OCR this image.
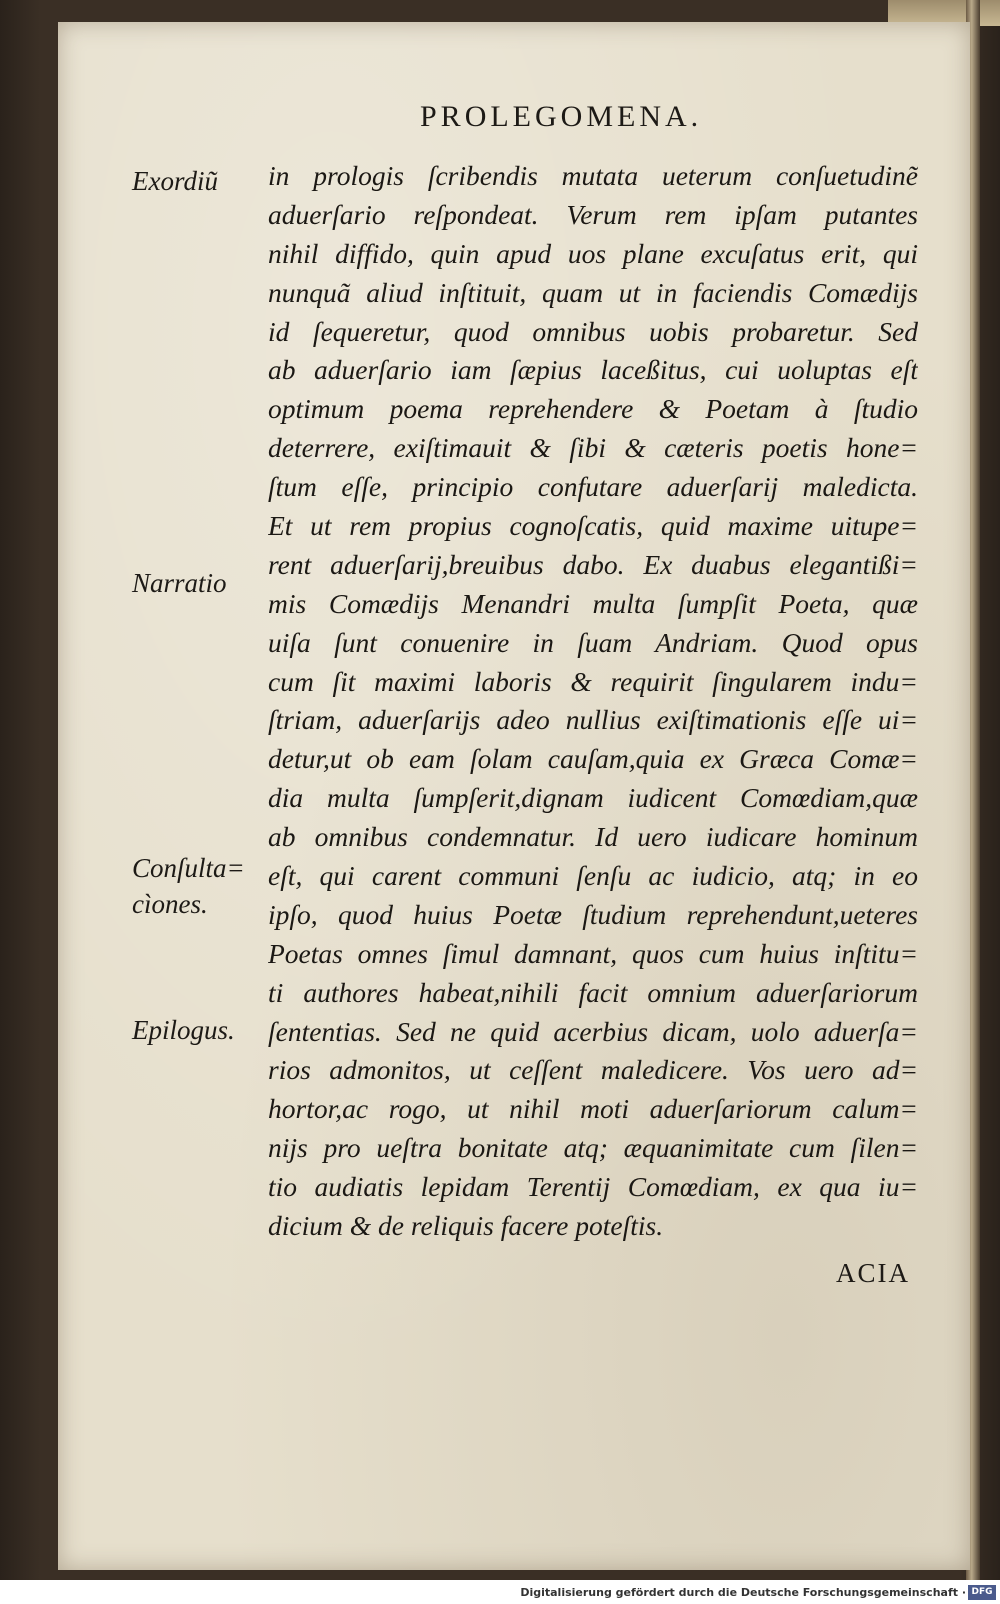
PROLEGOMENA.
Exordiũ
Narratio
Conſulta=
cìones.
Epilogus.
in prologis ſcribendis mutata ueterum conſuetudinẽ
aduerſario reſpondeat. Verum rem ipſam putantes
nihil diffido, quin apud uos plane excuſatus erit, qui
nunquã aliud inſtituit, quam ut in faciendis Comædijs
id ſequeretur, quod omnibus uobis probaretur. Sed
ab aduerſario iam ſæpius laceßitus, cui uoluptas eſt
optimum poema reprehendere & Poetam à ſtudio
deterrere, exiſtimauit & ſibi & cæteris poetis hone=
ſtum eſſe, principio confutare aduerſarij maledicta.
Et ut rem propius cognoſcatis, quid maxime uitupe=
rent aduerſarij,breuibus dabo. Ex duabus elegantißi=
mis Comædijs Menandri multa ſumpſit Poeta, quæ
uiſa ſunt conuenire in ſuam Andriam. Quod opus
cum ſit maximi laboris & requirit ſingularem indu=
ſtriam, aduerſarijs adeo nullius exiſtimationis eſſe ui=
detur,ut ob eam ſolam cauſam,quia ex Græca Comæ=
dia multa ſumpſerit,dignam iudicent Comœdiam,quæ
ab omnibus condemnatur. Id uero iudicare hominum
eſt, qui carent communi ſenſu ac iudicio, atq; in eo
ipſo, quod huius Poetæ ſtudium reprehendunt,ueteres
Poetas omnes ſimul damnant, quos cum huius inſtitu=
ti authores habeat,nihili facit omnium aduerſariorum
ſententias. Sed ne quid acerbius dicam, uolo aduerſa=
rios admonitos, ut ceſſent maledicere. Vos uero ad=
hortor,ac rogo, ut nihil moti aduerſariorum calum=
nijs pro ueſtra bonitate atq; æquanimitate cum ſilen=
tio audiatis lepidam Terentij Comœdiam, ex qua iu=
dicium & de reliquis facere poteſtis.
ACIA
Digitalisierung gefördert durch die Deutsche Forschungsgemeinschaft · DFG
